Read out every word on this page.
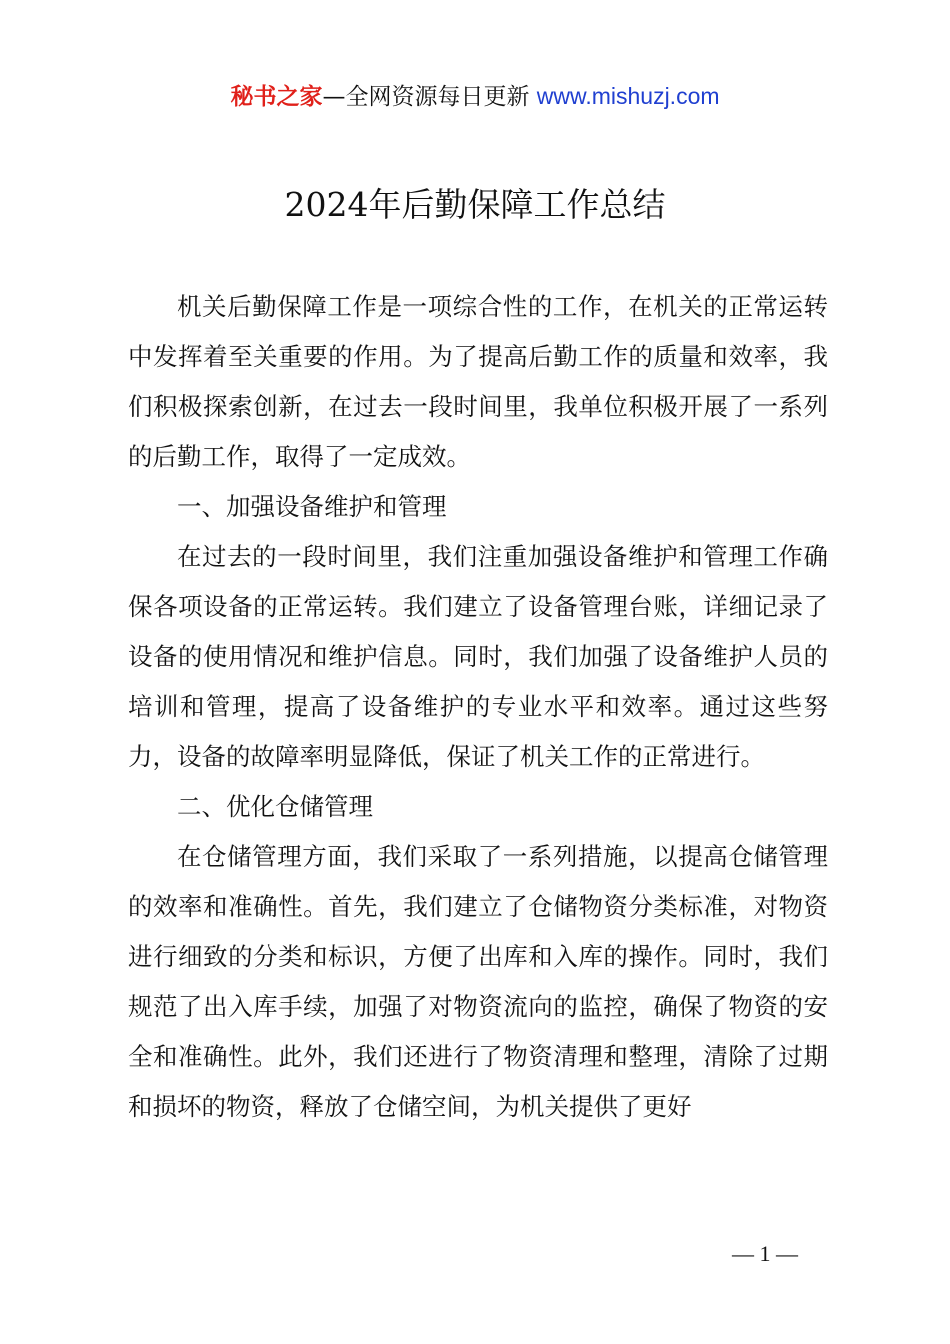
秘书之家—全网资源每日更新 www.mishuzj.com
2024年后勤保障工作总结

机关后勤保障工作是一项综合性的工作，在机关的正常运转中发挥着至关重要的作用。为了提高后勤工作的质量和效率，我们积极探索创新，在过去一段时间里，我单位积极开展了一系列的后勤工作，取得了一定成效。

一、加强设备维护和管理

在过去的一段时间里，我们注重加强设备维护和管理工作确保各项设备的正常运转。我们建立了设备管理台账，详细记录了设备的使用情况和维护信息。同时，我们加强了设备维护人员的培训和管理，提高了设备维护的专业水平和效率。通过这些努力，设备的故障率明显降低，保证了机关工作的正常进行。

二、优化仓储管理

在仓储管理方面，我们采取了一系列措施，以提高仓储管理的效率和准确性。首先，我们建立了仓储物资分类标准，对物资进行细致的分类和标识，方便了出库和入库的操作。同时，我们规范了出入库手续，加强了对物资流向的监控，确保了物资的安全和准确性。此外，我们还进行了物资清理和整理，清除了过期和损坏的物资，释放了仓储空间，为机关提供了更好

— 1 —
